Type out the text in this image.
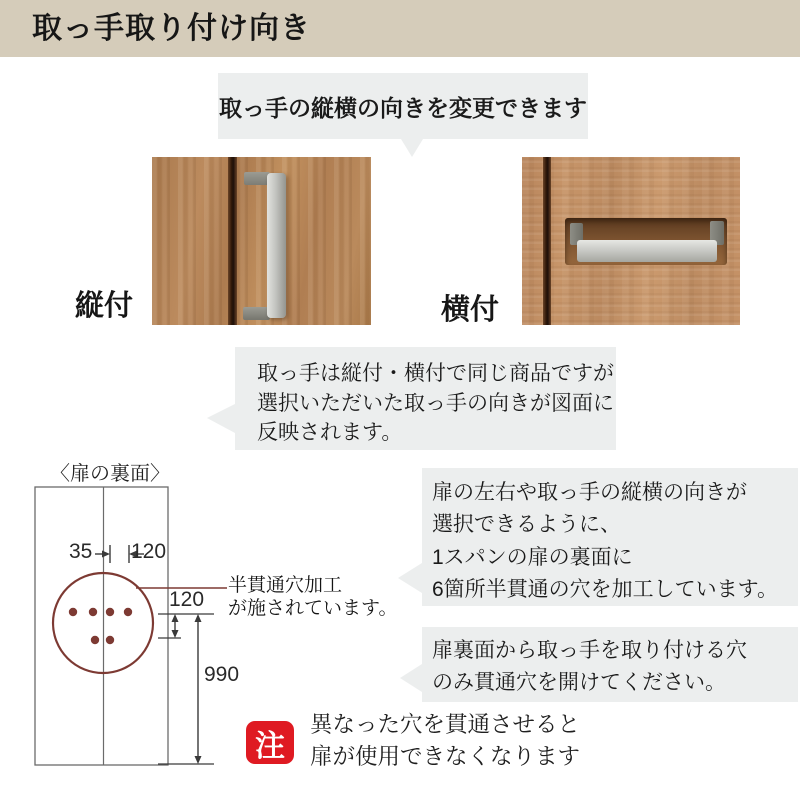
取っ手取り付け向き
取っ手の縦横の向きを変更できます
縦付	横付
取っ手は縦付・横付で同じ商品ですが
選択いただいた取っ手の向きが図面に
反映されます。
〈扉の裏面〉
35 120
120
990
半貫通穴加工
が施されています。
扉の左右や取っ手の縦横の向きが
選択できるように、
1スパンの扉の裏面に
6箇所半貫通の穴を加工しています。
扉裏面から取っ手を取り付ける穴
のみ貫通穴を開けてください。
注
異なった穴を貫通させると
扉が使用できなくなります
